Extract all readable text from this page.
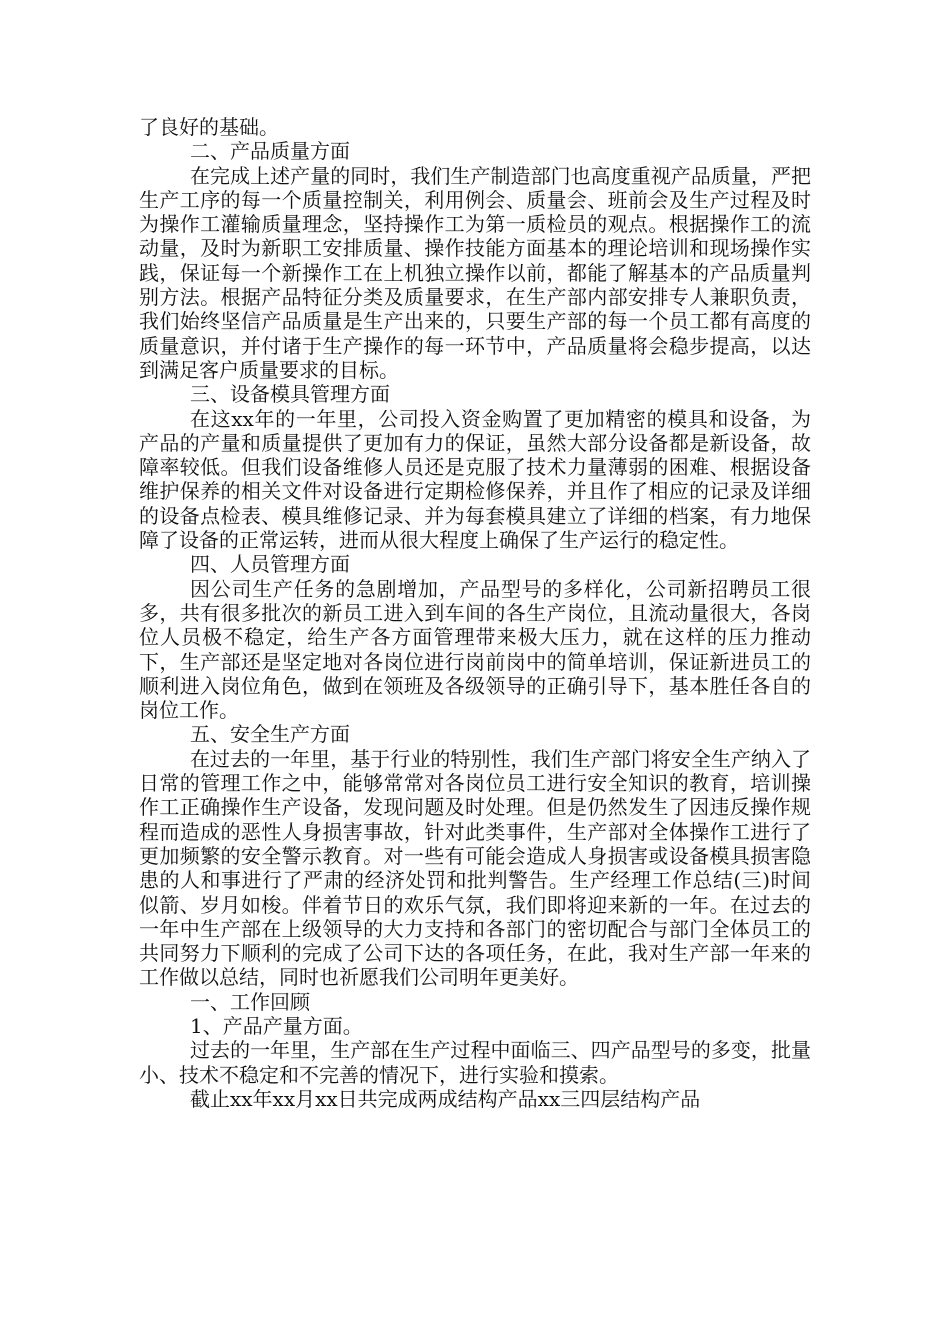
了良好的基础。

二、产品质量方面

在完成上述产量的同时，我们生产制造部门也高度重视产品质量，严把生产工序的每一个质量控制关，利用例会、质量会、班前会及生产过程及时为操作工灌输质量理念，坚持操作工为第一质检员的观点。根据操作工的流动量，及时为新职工安排质量、操作技能方面基本的理论培训和现场操作实践，保证每一个新操作工在上机独立操作以前，都能了解基本的产品质量判别方法。根据产品特征分类及质量要求，在生产部内部安排专人兼职负责，我们始终坚信产品质量是生产出来的，只要生产部的每一个员工都有高度的质量意识，并付诸于生产操作的每一环节中，产品质量将会稳步提高，以达到满足客户质量要求的目标。

三、设备模具管理方面

在这xx年的一年里，公司投入资金购置了更加精密的模具和设备，为产品的产量和质量提供了更加有力的保证，虽然大部分设备都是新设备，故障率较低。但我们设备维修人员还是克服了技术力量薄弱的困难、根据设备维护保养的相关文件对设备进行定期检修保养，并且作了相应的记录及详细的设备点检表、模具维修记录、并为每套模具建立了详细的档案，有力地保障了设备的正常运转，进而从很大程度上确保了生产运行的稳定性。

四、人员管理方面

因公司生产任务的急剧增加，产品型号的多样化，公司新招聘员工很多，共有很多批次的新员工进入到车间的各生产岗位，且流动量很大，各岗位人员极不稳定，给生产各方面管理带来极大压力，就在这样的压力推动下，生产部还是坚定地对各岗位进行岗前岗中的简单培训，保证新进员工的顺利进入岗位角色，做到在领班及各级领导的正确引导下，基本胜任各自的岗位工作。

五、安全生产方面

在过去的一年里，基于行业的特别性，我们生产部门将安全生产纳入了日常的管理工作之中，能够常常对各岗位员工进行安全知识的教育，培训操作工正确操作生产设备，发现问题及时处理。但是仍然发生了因违反操作规程而造成的恶性人身损害事故，针对此类事件，生产部对全体操作工进行了更加频繁的安全警示教育。对一些有可能会造成人身损害或设备模具损害隐患的人和事进行了严肃的经济处罚和批判警告。生产经理工作总结(三)时间似箭、岁月如梭。伴着节日的欢乐气氛，我们即将迎来新的一年。在过去的一年中生产部在上级领导的大力支持和各部门的密切配合与部门全体员工的共同努力下顺利的完成了公司下达的各项任务，在此，我对生产部一年来的工作做以总结，同时也祈愿我们公司明年更美好。

一、工作回顾

1、产品产量方面。

过去的一年里，生产部在生产过程中面临三、四产品型号的多变，批量小、技术不稳定和不完善的情况下，进行实验和摸索。

截止xx年xx月xx日共完成两成结构产品xx三四层结构产品
